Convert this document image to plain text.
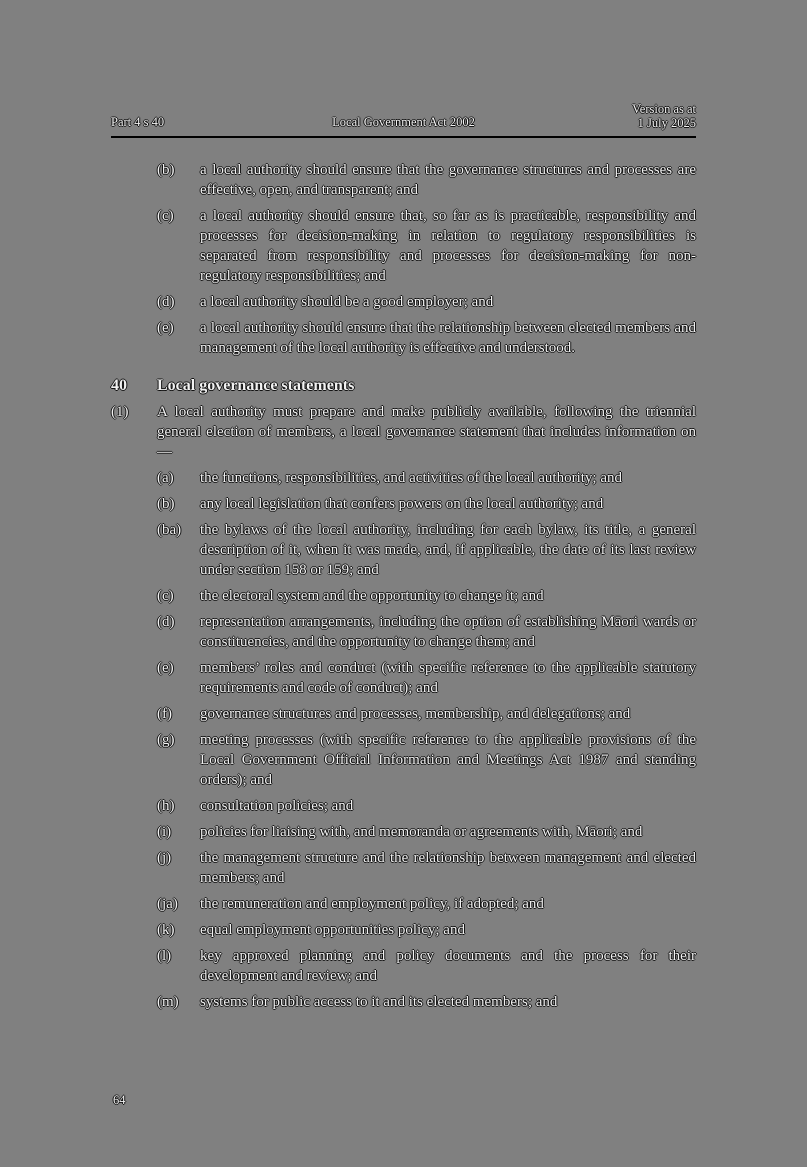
Part 4 s 40	Local Government Act 2002
Version as at
1 July 2025
(b) a local authority should ensure that the governance structures and processes are effective, open, and transparent; and
(c) a local authority should ensure that, so far as is practicable, responsibility and processes for decision-making in relation to regulatory responsibilities is separated from responsibility and processes for decision-making for non-regulatory responsibilities; and
(d) a local authority should be a good employer; and
(e) a local authority should ensure that the relationship between elected members and management of the local authority is effective and understood.
40 Local governance statements
(1) A local authority must prepare and make publicly available, following the triennial general election of members, a local governance statement that includes information on—
(a) the functions, responsibilities, and activities of the local authority; and
(b) any local legislation that confers powers on the local authority; and
(ba) the bylaws of the local authority, including for each bylaw, its title, a general description of it, when it was made, and, if applicable, the date of its last review under section 158 or 159; and
(c) the electoral system and the opportunity to change it; and
(d) representation arrangements, including the option of establishing Māori wards or constituencies, and the opportunity to change them; and
(e) members’ roles and conduct (with specific reference to the applicable statutory requirements and code of conduct); and
(f) governance structures and processes, membership, and delegations; and
(g) meeting processes (with specific reference to the applicable provisions of the Local Government Official Information and Meetings Act 1987 and standing orders); and
(h) consultation policies; and
(i) policies for liaising with, and memoranda or agreements with, Māori; and
(j) the management structure and the relationship between management and elected members; and
(ja) the remuneration and employment policy, if adopted; and
(k) equal employment opportunities policy; and
(l) key approved planning and policy documents and the process for their development and review; and
(m) systems for public access to it and its elected members; and
64
